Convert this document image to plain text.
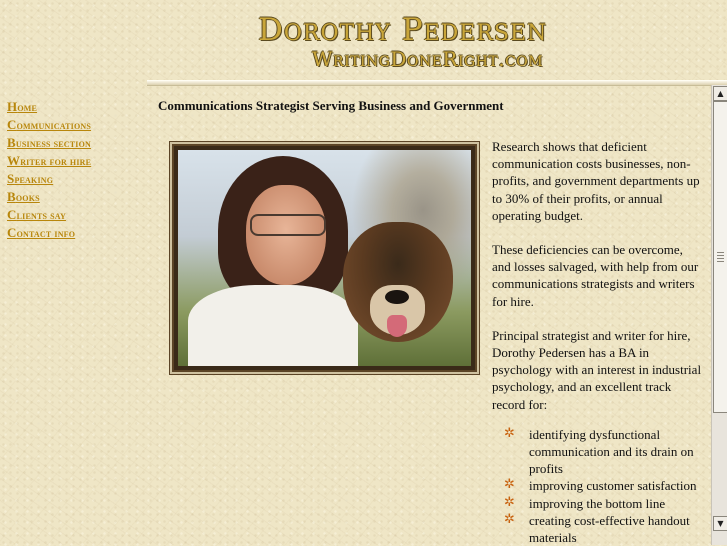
Dorothy Pedersen
WritingDoneRight.com
Home
Communications
Business section
Writer for hire
Speaking
Books
Clients say
Contact info
Communications Strategist Serving Business and Government

Research shows that deficient communication costs businesses, non-profits, and government departments up to 30% of their profits, or annual operating budget.

These deficiencies can be overcome, and losses salvaged, with help from our communications strategists and writers for hire.

Principal strategist and writer for hire, Dorothy Pedersen has a BA in psychology with an interest in industrial psychology, and an excellent track record for:

✲ identifying dysfunctional communication and its drain on profits
✲ improving customer satisfaction
✲ improving the bottom line
✲ creating cost-effective handout materials
▲
▼
